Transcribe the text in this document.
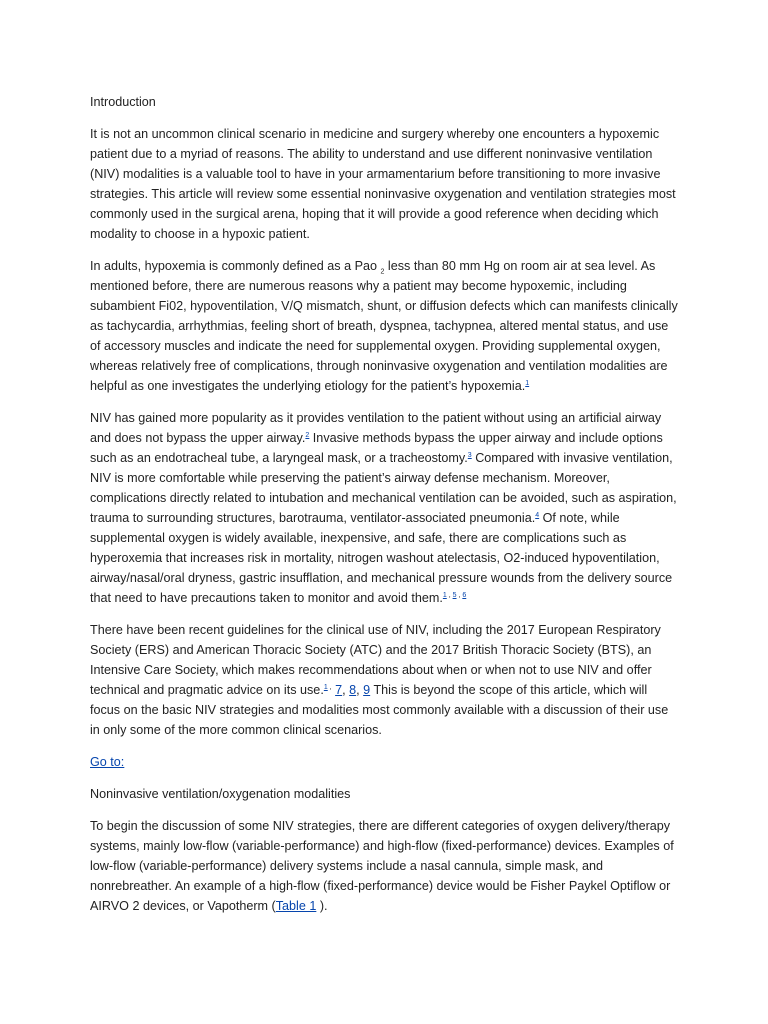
Introduction

It is not an uncommon clinical scenario in medicine and surgery whereby one encounters a hypoxemic patient due to a myriad of reasons. The ability to understand and use different noninvasive ventilation (NIV) modalities is a valuable tool to have in your armamentarium before transitioning to more invasive strategies. This article will review some essential noninvasive oxygenation and ventilation strategies most commonly used in the surgical arena, hoping that it will provide a good reference when deciding which modality to choose in a hypoxic patient.

In adults, hypoxemia is commonly defined as a Pao $_2$ less than 80 mm Hg on room air at sea level. As mentioned before, there are numerous reasons why a patient may become hypoxemic, including subambient Fi02, hypoventilation, V/Q mismatch, shunt, or diffusion defects which can manifests clinically as tachycardia, arrhythmias, feeling short of breath, dyspnea, tachypnea, altered mental status, and use of accessory muscles and indicate the need for supplemental oxygen. Providing supplemental oxygen, whereas relatively free of complications, through noninvasive oxygenation and ventilation modalities are helpful as one investigates the underlying etiology for the patient’s hypoxemia.$^1$

NIV has gained more popularity as it provides ventilation to the patient without using an artificial airway and does not bypass the upper airway.$^2$ Invasive methods bypass the upper airway and include options such as an endotracheal tube, a laryngeal mask, or a tracheostomy.$^3$ Compared with invasive ventilation, NIV is more comfortable while preserving the patient’s airway defense mechanism. Moreover, complications directly related to intubation and mechanical ventilation can be avoided, such as aspiration, trauma to surrounding structures, barotrauma, ventilator-associated pneumonia.$^4$ Of note, while supplemental oxygen is widely available, inexpensive, and safe, there are complications such as hyperoxemia that increases risk in mortality, nitrogen washout atelectasis, O2-induced hypoventilation, airway/nasal/oral dryness, gastric insufflation, and mechanical pressure wounds from the delivery source that need to have precautions taken to monitor and avoid them.$^{1 , 5 , 6}$

There have been recent guidelines for the clinical use of NIV, including the 2017 European Respiratory Society (ERS) and American Thoracic Society (ATC) and the 2017 British Thoracic Society (BTS), an Intensive Care Society, which makes recommendations about when or when not to use NIV and offer technical and pragmatic advice on its use.$^{1 ,}$ 7, 8, 9 This is beyond the scope of this article, which will focus on the basic NIV strategies and modalities most commonly available with a discussion of their use in only some of the more common clinical scenarios.

Go to:
Noninvasive ventilation/oxygenation modalities

To begin the discussion of some NIV strategies, there are different categories of oxygen delivery/therapy systems, mainly low-flow (variable-performance) and high-flow (fixed-performance) devices. Examples of low-flow (variable-performance) delivery systems include a nasal cannula, simple mask, and nonrebreather. An example of a high-flow (fixed-performance) device would be Fisher Paykel Optiflow or AIRVO 2 devices, or Vapotherm (Table 1 ).
